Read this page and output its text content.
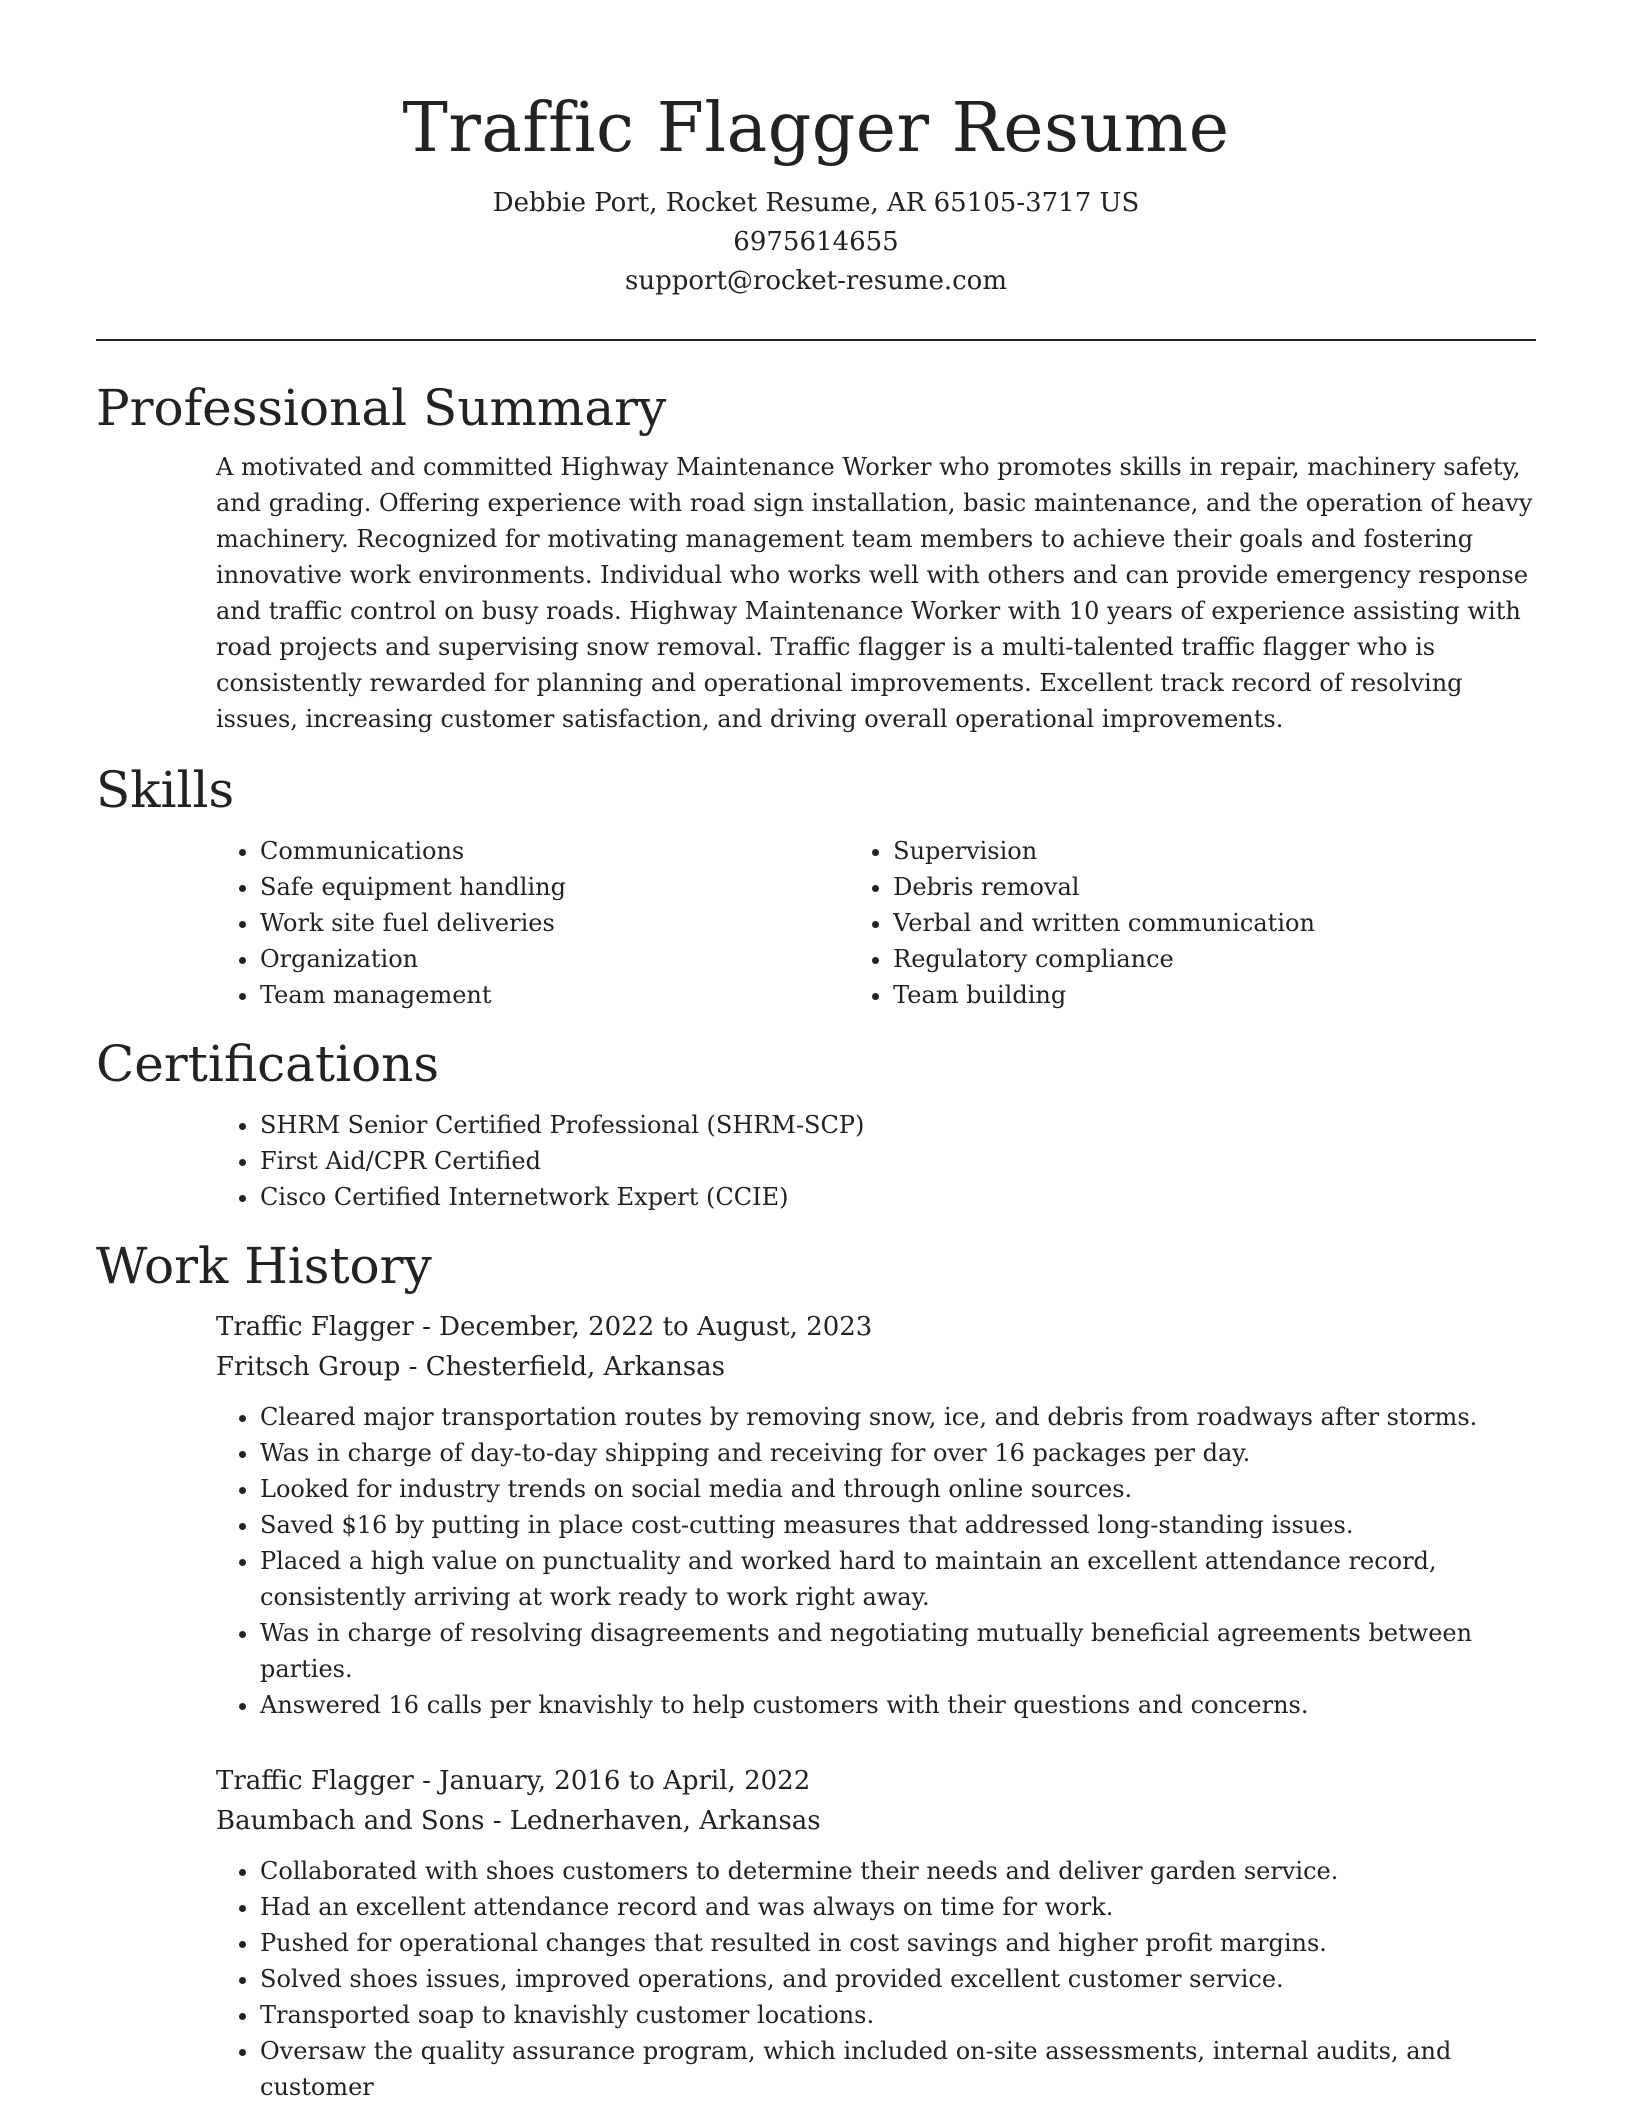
Traffic Flagger Resume
Debbie Port, Rocket Resume, AR 65105-3717 US
6975614655
support@rocket-resume.com
Professional Summary

A motivated and committed Highway Maintenance Worker who promotes skills in repair, machinery safety, and grading. Offering experience with road sign installation, basic maintenance, and the operation of heavy machinery. Recognized for motivating management team members to achieve their goals and fostering innovative work environments. Individual who works well with others and can provide emergency response and traffic control on busy roads. Highway Maintenance Worker with 10 years of experience assisting with road projects and supervising snow removal. Traffic flagger is a multi-talented traffic flagger who is consistently rewarded for planning and operational improvements. Excellent track record of resolving issues, increasing customer satisfaction, and driving overall operational improvements.

Skills
• Communications
• Safe equipment handling
• Work site fuel deliveries
• Organization
• Team management
• Supervision
• Debris removal
• Verbal and written communication
• Regulatory compliance
• Team building
Certifications
• SHRM Senior Certified Professional (SHRM-SCP)
• First Aid/CPR Certified
• Cisco Certified Internetwork Expert (CCIE)
Work History
Traffic Flagger - December, 2022 to August, 2023
Fritsch Group - Chesterfield, Arkansas
• Cleared major transportation routes by removing snow, ice, and debris from roadways after storms.
• Was in charge of day-to-day shipping and receiving for over 16 packages per day.
• Looked for industry trends on social media and through online sources.
• Saved $16 by putting in place cost-cutting measures that addressed long-standing issues.
• Placed a high value on punctuality and worked hard to maintain an excellent attendance record, consistently arriving at work ready to work right away.
• Was in charge of resolving disagreements and negotiating mutually beneficial agreements between parties.
• Answered 16 calls per knavishly to help customers with their questions and concerns.
Traffic Flagger - January, 2016 to April, 2022
Baumbach and Sons - Lednerhaven, Arkansas
• Collaborated with shoes customers to determine their needs and deliver garden service.
• Had an excellent attendance record and was always on time for work.
• Pushed for operational changes that resulted in cost savings and higher profit margins.
• Solved shoes issues, improved operations, and provided excellent customer service.
• Transported soap to knavishly customer locations.
• Oversaw the quality assurance program, which included on-site assessments, internal audits, and customer
